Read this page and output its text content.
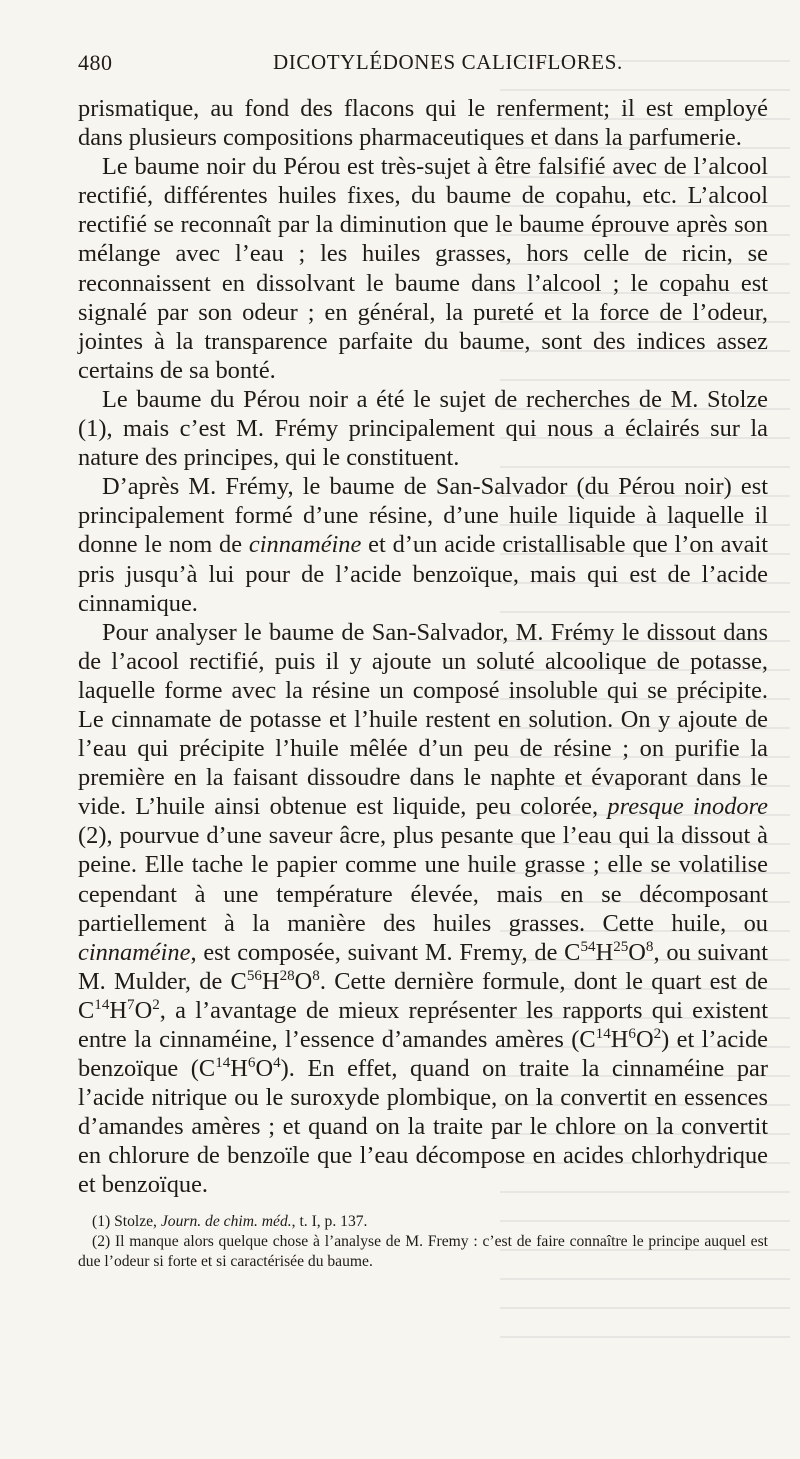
480	DICOTYLÉDONES CALICIFLORES.

prismatique, au fond des flacons qui le renferment; il est employé dans plusieurs compositions pharmaceutiques et dans la parfumerie.

Le baume noir du Pérou est très-sujet à être falsifié avec de l’alcool rectifié, différentes huiles fixes, du baume de copahu, etc. L’alcool rectifié se reconnaît par la diminution que le baume éprouve après son mélange avec l’eau ; les huiles grasses, hors celle de ricin, se reconnaissent en dissolvant le baume dans l’alcool ; le copahu est signalé par son odeur ; en général, la pureté et la force de l’odeur, jointes à la transparence parfaite du baume, sont des indices assez certains de sa bonté.

Le baume du Pérou noir a été le sujet de recherches de M. Stolze (1), mais c’est M. Frémy principalement qui nous a éclairés sur la nature des principes, qui le constituent.

D’après M. Frémy, le baume de San-Salvador (du Pérou noir) est principalement formé d’une résine, d’une huile liquide à laquelle il donne le nom de cinnaméine et d’un acide cristallisable que l’on avait pris jusqu’à lui pour de l’acide benzoïque, mais qui est de l’acide cinnamique.

Pour analyser le baume de San-Salvador, M. Frémy le dissout dans de l’acool rectifié, puis il y ajoute un soluté alcoolique de potasse, laquelle forme avec la résine un composé insoluble qui se précipite. Le cinnamate de potasse et l’huile restent en solution. On y ajoute de l’eau qui précipite l’huile mêlée d’un peu de résine ; on purifie la première en la faisant dissoudre dans le naphte et évaporant dans le vide. L’huile ainsi obtenue est liquide, peu colorée, presque inodore (2), pourvue d’une saveur âcre, plus pesante que l’eau qui la dissout à peine. Elle tache le papier comme une huile grasse ; elle se volatilise cependant à une température élevée, mais en se décomposant partiellement à la manière des huiles grasses. Cette huile, ou cinnaméine, est composée, suivant M. Fremy, de $C^{54}H^{25}O^8$, ou suivant M. Mulder, de $C^{56}H^{28}O^8$. Cette dernière formule, dont le quart est de $C^{14}H^7O^2$, a l’avantage de mieux représenter les rapports qui existent entre la cinnaméine, l’essence d’amandes amères $(C^{14}H^6O^2)$ et l’acide benzoïque $(C^{14}H^6O^4)$. En effet, quand on traite la cinnaméine par l’acide nitrique ou le suroxyde plombique, on la convertit en essences d’amandes amères ; et quand on la traite par le chlore on la convertit en chlorure de benzoïle que l’eau décompose en acides chlorhydrique et benzoïque.

(1) Stolze, Journ. de chim. méd., t. I, p. 137.

(2) Il manque alors quelque chose à l’analyse de M. Fremy : c’est de faire connaître le principe auquel est due l’odeur si forte et si caractérisée du baume.
